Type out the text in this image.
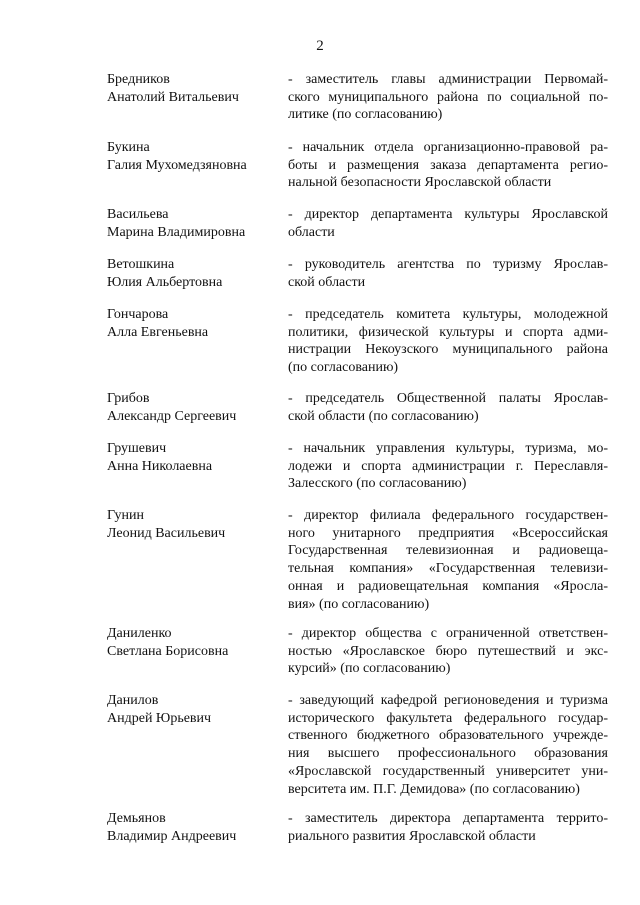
2
Бредников
Анатолий Витальевич
- заместитель главы администрации Первомай-
ского муниципального района по социальной по-
литике (по согласованию)
Букина
Галия Мухомедзяновна
- начальник отдела организационно-правовой ра-
боты и размещения заказа департамента регио-
нальной безопасности Ярославской области
Васильева
Марина Владимировна
- директор департамента культуры Ярославской
области
Ветошкина
Юлия Альбертовна
- руководитель агентства по туризму Ярослав-
ской области
Гончарова
Алла Евгеньевна
- председатель комитета культуры, молодежной
политики, физической культуры и спорта адми-
нистрации Некоузского муниципального района
(по согласованию)
Грибов
Александр Сергеевич
- председатель Общественной палаты Ярослав-
ской области (по согласованию)
Грушевич
Анна Николаевна
- начальник управления культуры, туризма, мо-
лодежи и спорта администрации г. Переславля-
Залесского (по согласованию)
Гунин
Леонид Васильевич
- директор филиала федерального государствен-
ного унитарного предприятия «Всероссийская
Государственная телевизионная и радиовеща-
тельная компания» «Государственная телевизи-
онная и радиовещательная компания «Яросла-
вия» (по согласованию)
Даниленко
Светлана Борисовна
- директор общества с ограниченной ответствен-
ностью «Ярославское бюро путешествий и экс-
курсий» (по согласованию)
Данилов
Андрей Юрьевич
- заведующий кафедрой регионоведения и туризма
исторического факультета федерального государ-
ственного бюджетного образовательного учрежде-
ния высшего профессионального образования
«Ярославской государственный университет уни-
верситета им. П.Г. Демидова» (по согласованию)
Демьянов
Владимир Андреевич
- заместитель директора департамента террито-
риального развития Ярославской области
